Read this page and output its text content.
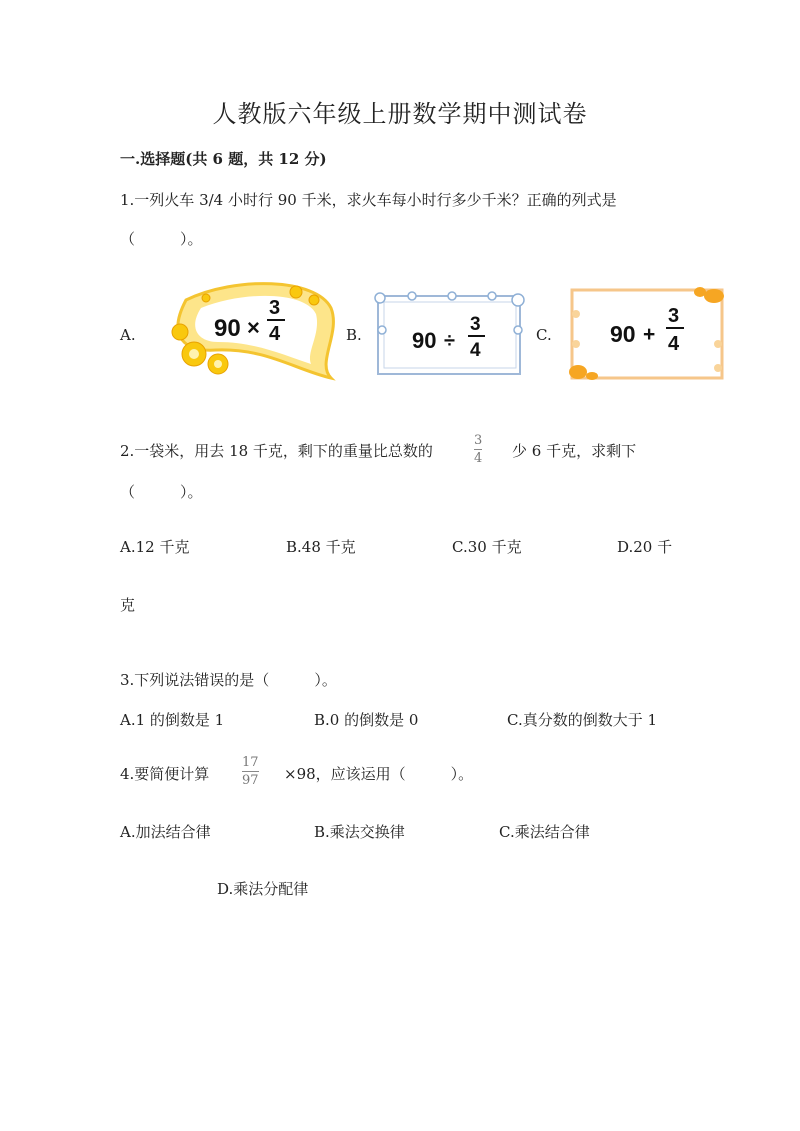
人教版六年级上册数学期中测试卷
一.选择题(共 6 题，共 12 分)
1.一列火车 3/4 小时行 90 千米，求火车每小时行多少千米？正确的列式是
（　　　）。
A.	90 ×
3
4	B. 90 ÷
3
4
C.	90 +
3
4
2.一袋米，用去 18 千克，剩下的重量比总数的
3
4 少 6 千克，求剩下
（　　　）。
A.12 千克	B.48 千克	C.30 千克	D.20 千
克
3.下列说法错误的是（　　　）。
A.1 的倒数是 1	B.0 的倒数是 0	C.真分数的倒数大于 1
4.要简便计算
17
97 ×98，应该运用（　　　）。
A.加法结合律	B.乘法交换律	C.乘法结合律
D.乘法分配律
